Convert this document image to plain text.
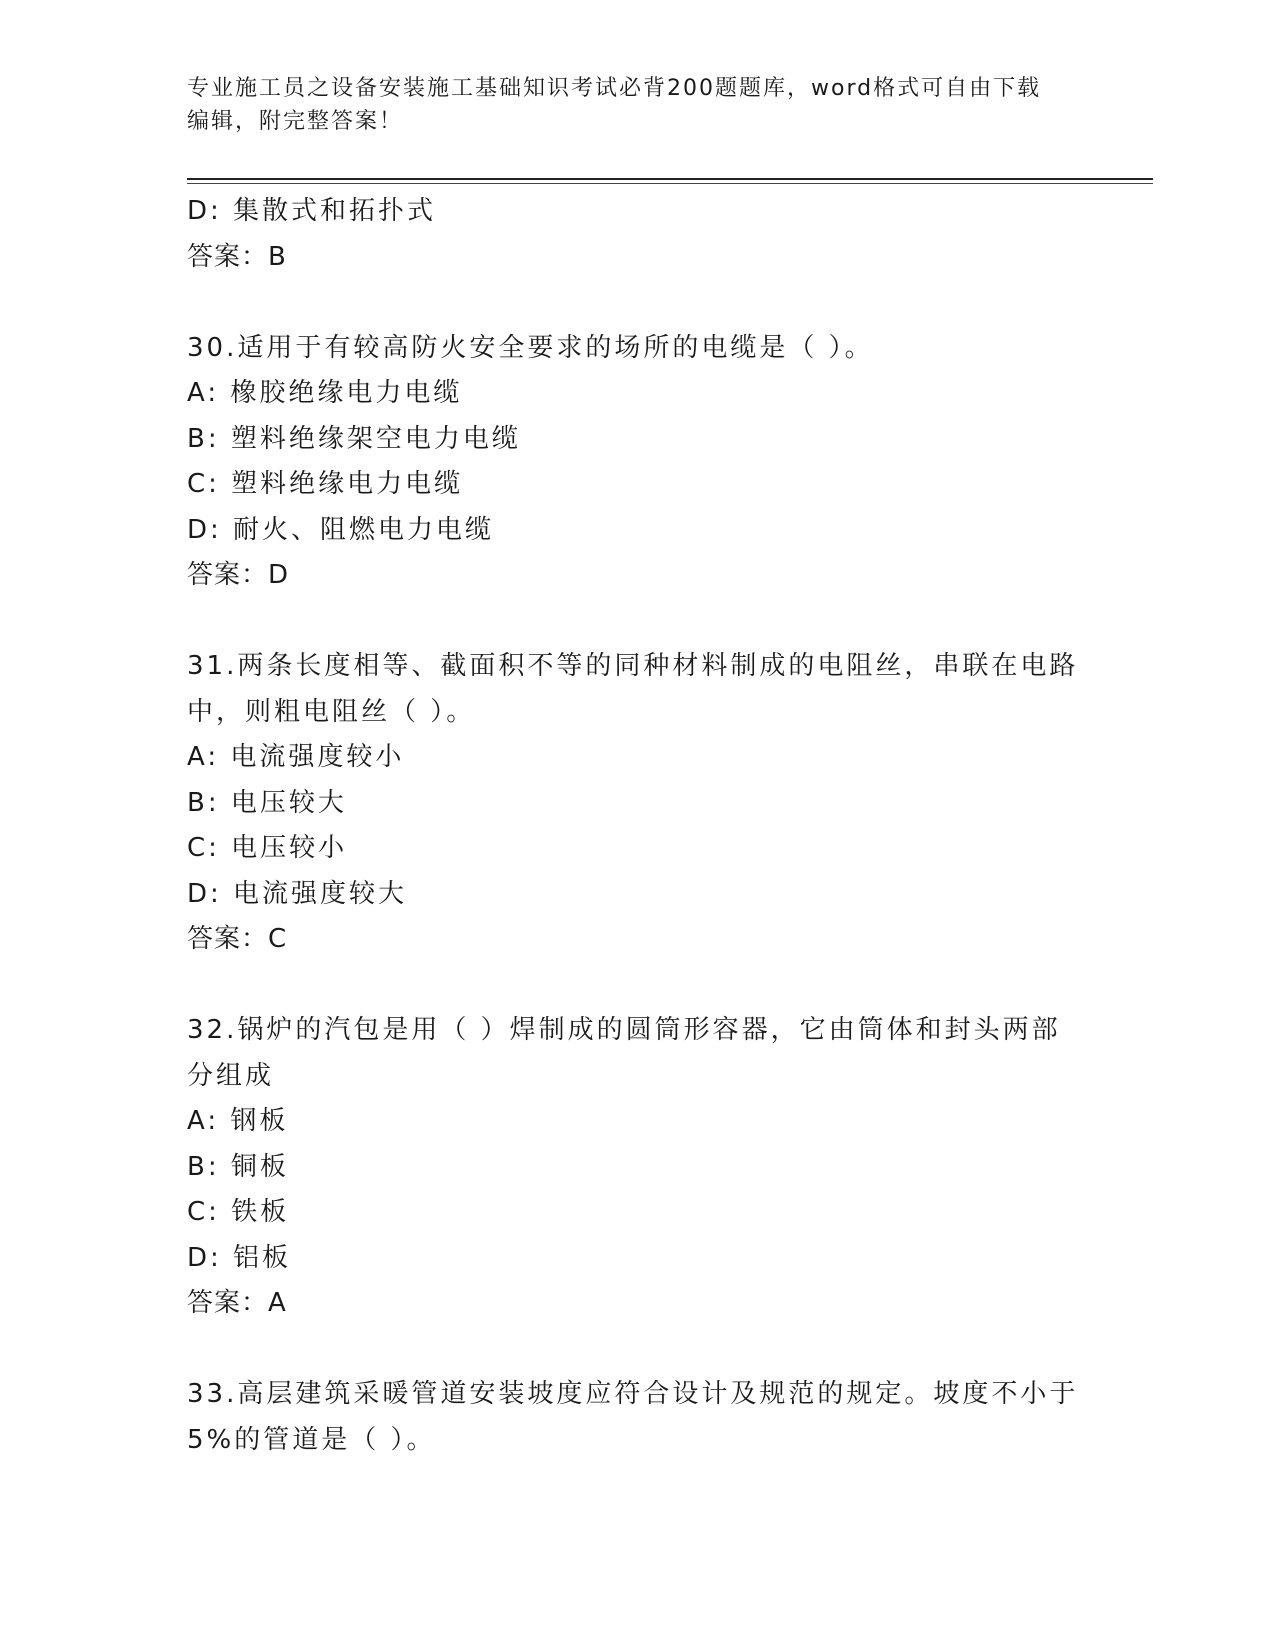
专业施工员之设备安装施工基础知识考试必背200题题库，word格式可自由下载
编辑，附完整答案！
D: 集散式和拓扑式
答案：B
30.适用于有较高防火安全要求的场所的电缆是（ ）。
A: 橡胶绝缘电力电缆
B: 塑料绝缘架空电力电缆
C: 塑料绝缘电力电缆
D: 耐火、阻燃电力电缆
答案：D
31.两条长度相等、截面积不等的同种材料制成的电阻丝，串联在电路
中，则粗电阻丝（ ）。
A: 电流强度较小
B: 电压较大
C: 电压较小
D: 电流强度较大
答案：C
32.锅炉的汽包是用（ ）焊制成的圆筒形容器，它由筒体和封头两部
分组成
A: 钢板
B: 铜板
C: 铁板
D: 铝板
答案：A
33.高层建筑采暖管道安装坡度应符合设计及规范的规定。坡度不小于
5%的管道是（ ）。
